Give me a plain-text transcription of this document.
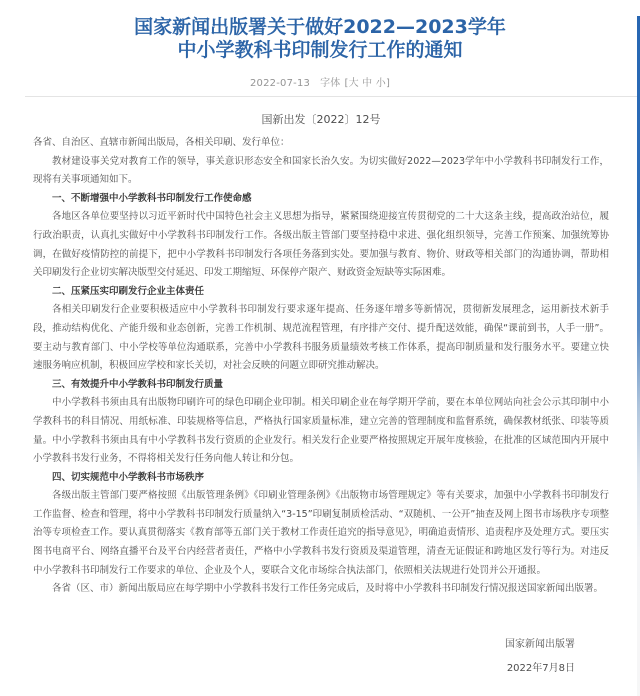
国家新闻出版署关于做好2022—2023学年
中小学教科书印制发行工作的通知
2022-07-13 字体 [大 中 小]
国新出发〔2022〕12号

各省、自治区、直辖市新闻出版局，各相关印刷、发行单位：

教材建设事关党对教育工作的领导，事关意识形态安全和国家长治久安。为切实做好2022—2023学年中小学教科书印制发行工作，现将有关事项通知如下。

一、不断增强中小学教科书印制发行工作使命感

各地区各单位要坚持以习近平新时代中国特色社会主义思想为指导，紧紧围绕迎接宣传贯彻党的二十大这条主线，提高政治站位，履行政治职责，认真扎实做好中小学教科书印制发行工作。各级出版主管部门要坚持稳中求进、强化组织领导，完善工作预案、加强统筹协调，在做好疫情防控的前提下，把中小学教科书印制发行各项任务落到实处。要加强与教育、物价、财政等相关部门的沟通协调，帮助相关印刷发行企业切实解决版型交付延迟、印发工期缩短、环保停产限产、财政资金短缺等实际困难。

二、压紧压实印刷发行企业主体责任

各相关印刷发行企业要积极适应中小学教科书印制发行要求逐年提高、任务逐年增多等新情况，贯彻新发展理念，运用新技术新手段，推动结构优化、产能升级和业态创新，完善工作机制、规范流程管理，有序排产交付、提升配送效能，确保“课前到书，人手一册”。要主动与教育部门、中小学校等单位沟通联系，完善中小学教科书服务质量绩效考核工作体系，提高印制质量和发行服务水平。要建立快速服务响应机制，积极回应学校和家长关切，对社会反映的问题立即研究推动解决。

三、有效提升中小学教科书印制发行质量

中小学教科书须由具有出版物印刷许可的绿色印刷企业印制。相关印刷企业在每学期开学前，要在本单位网站向社会公示其印制中小学教科书的科目情况、用纸标准、印装规格等信息，严格执行国家质量标准，建立完善的管理制度和监督系统，确保教材纸张、印装等质量。中小学教科书须由具有中小学教科书发行资质的企业发行。相关发行企业要严格按照规定开展年度核验，在批准的区域范围内开展中小学教科书发行业务，不得将相关发行任务向他人转让和分包。

四、切实规范中小学教科书市场秩序

各级出版主管部门要严格按照《出版管理条例》《印刷业管理条例》《出版物市场管理规定》等有关要求，加强中小学教科书印制发行工作监督、检查和管理，将中小学教科书印制发行质量纳入“3-15”印刷复制质检活动、“双随机、一公开”抽查及网上图书市场秩序专项整治等专项检查工作。要认真贯彻落实《教育部等五部门关于教材工作责任追究的指导意见》，明确追责情形、追责程序及处理方式。要压实图书电商平台、网络直播平台及平台内经营者责任，严格中小学教科书发行资质及渠道管理，清查无证假证和跨地区发行等行为。对违反中小学教科书印制发行工作要求的单位、企业及个人，要联合文化市场综合执法部门，依照相关法规进行处罚并公开通报。

各省（区、市）新闻出版局应在每学期中小学教科书发行工作任务完成后，及时将中小学教科书印制发行情况报送国家新闻出版署。

国家新闻出版署
2022年7月8日
